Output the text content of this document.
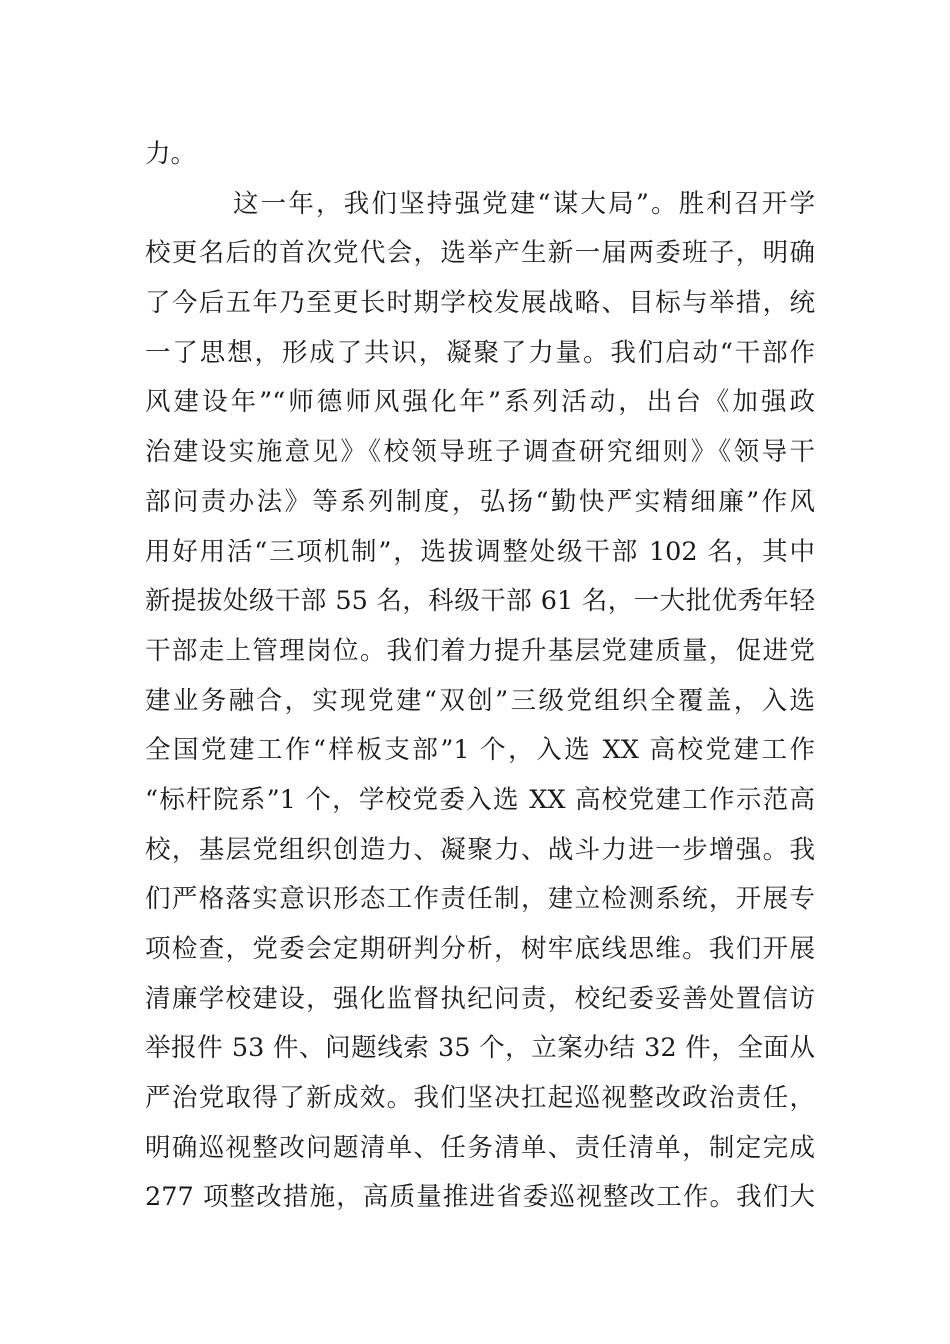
力。
这一年，我们坚持强党建“谋大局”。胜利召开学
校更名后的首次党代会，选举产生新一届两委班子，明确
了今后五年乃至更长时期学校发展战略、目标与举措，统
一了思想，形成了共识，凝聚了力量。我们启动“干部作
风建设年”“师德师风强化年”系列活动，出台《加强政
治建设实施意见》《校领导班子调查研究细则》《领导干
部问责办法》等系列制度，弘扬“勤快严实精细廉”作风
用好用活“三项机制”，选拔调整处级干部 102 名，其中
新提拔处级干部 55 名，科级干部 61 名，一大批优秀年轻
干部走上管理岗位。我们着力提升基层党建质量，促进党
建业务融合，实现党建“双创”三级党组织全覆盖，入选
全国党建工作“样板支部”1 个，入选 XX 高校党建工作
“标杆院系”1 个，学校党委入选 XX 高校党建工作示范高
校，基层党组织创造力、凝聚力、战斗力进一步增强。我
们严格落实意识形态工作责任制，建立检测系统，开展专
项检查，党委会定期研判分析，树牢底线思维。我们开展
清廉学校建设，强化监督执纪问责，校纪委妥善处置信访
举报件 53 件、问题线索 35 个，立案办结 32 件，全面从
严治党取得了新成效。我们坚决扛起巡视整改政治责任，
明确巡视整改问题清单、任务清单、责任清单，制定完成
277 项整改措施，高质量推进省委巡视整改工作。我们大
